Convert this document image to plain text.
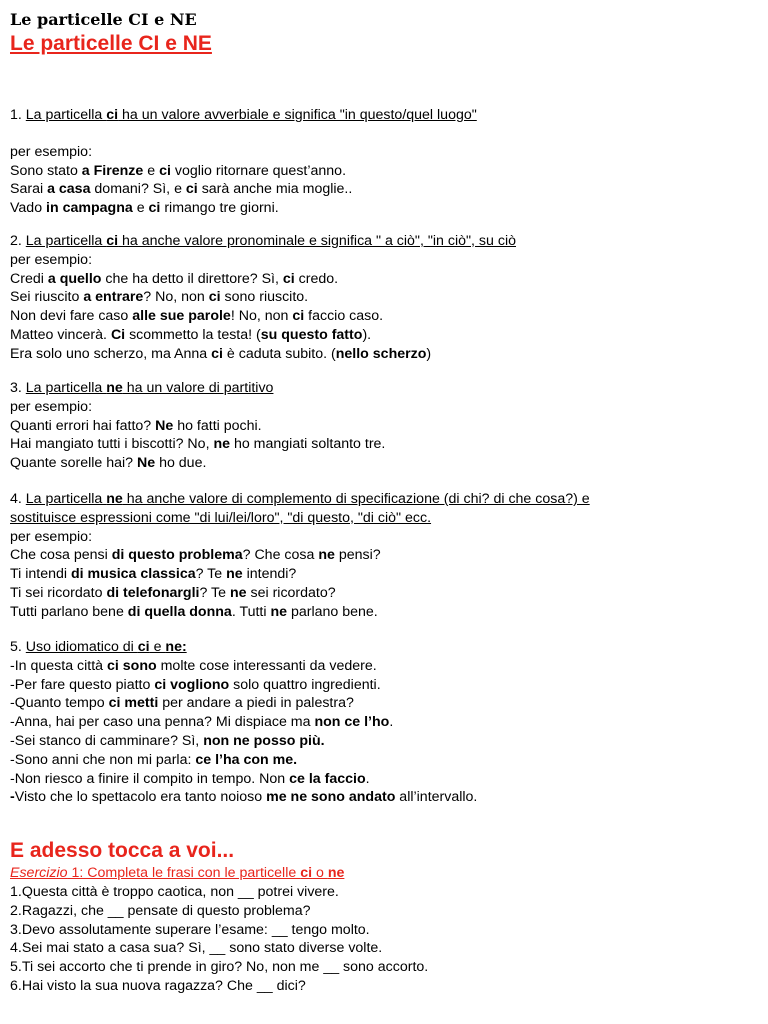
Le particelle CI e NE
Le particelle CI e NE
1. La particella ci ha un valore avverbiale e significa "in questo/quel luogo"
per esempio:
Sono stato a Firenze e ci voglio ritornare quest’anno.
Sarai a casa domani? Sì, e ci sarà anche mia moglie..
Vado in campagna e ci rimango tre giorni.
2. La particella ci ha anche valore pronominale e significa " a ciò", "in ciò", su ciò
per esempio:
Credi a quello che ha detto il direttore? Sì, ci credo.
Sei riuscito a entrare? No, non ci sono riuscito.
Non devi fare caso alle sue parole! No, non ci faccio caso.
Matteo vincerà. Ci scommetto la testa! (su questo fatto).
Era solo uno scherzo, ma Anna ci è caduta subito. (nello scherzo)
3. La particella ne ha un valore di partitivo
per esempio:
Quanti errori hai fatto? Ne ho fatti pochi.
Hai mangiato tutti i biscotti? No, ne ho mangiati soltanto tre.
Quante sorelle hai? Ne ho due.
4. La particella ne ha anche valore di complemento di specificazione (di chi? di che cosa?) e
sostituisce espressioni come "di lui/lei/loro", "di questo, "di ciò" ecc.
per esempio:
Che cosa pensi di questo problema? Che cosa ne pensi?
Ti intendi di musica classica? Te ne intendi?
Ti sei ricordato di telefonargli? Te ne sei ricordato?
Tutti parlano bene di quella donna. Tutti ne parlano bene.
5. Uso idiomatico di ci e ne:
-In questa città ci sono molte cose interessanti da vedere.
-Per fare questo piatto ci vogliono solo quattro ingredienti.
-Quanto tempo ci metti per andare a piedi in palestra?
-Anna, hai per caso una penna? Mi dispiace ma non ce l’ho.
-Sei stanco di camminare? Sì, non ne posso più.
-Sono anni che non mi parla: ce l’ha con me.
-Non riesco a finire il compito in tempo. Non ce la faccio.
-Visto che lo spettacolo era tanto noioso me ne sono andato all’intervallo.
E adesso tocca a voi...
Esercizio 1: Completa le frasi con le particelle ci o ne
1.Questa città è troppo caotica, non __ potrei vivere.
2.Ragazzi, che __ pensate di questo problema?
3.Devo assolutamente superare l’esame: __ tengo molto.
4.Sei mai stato a casa sua? Sì, __ sono stato diverse volte.
5.Ti sei accorto che ti prende in giro? No, non me __ sono accorto.
6.Hai visto la sua nuova ragazza? Che __ dici?
